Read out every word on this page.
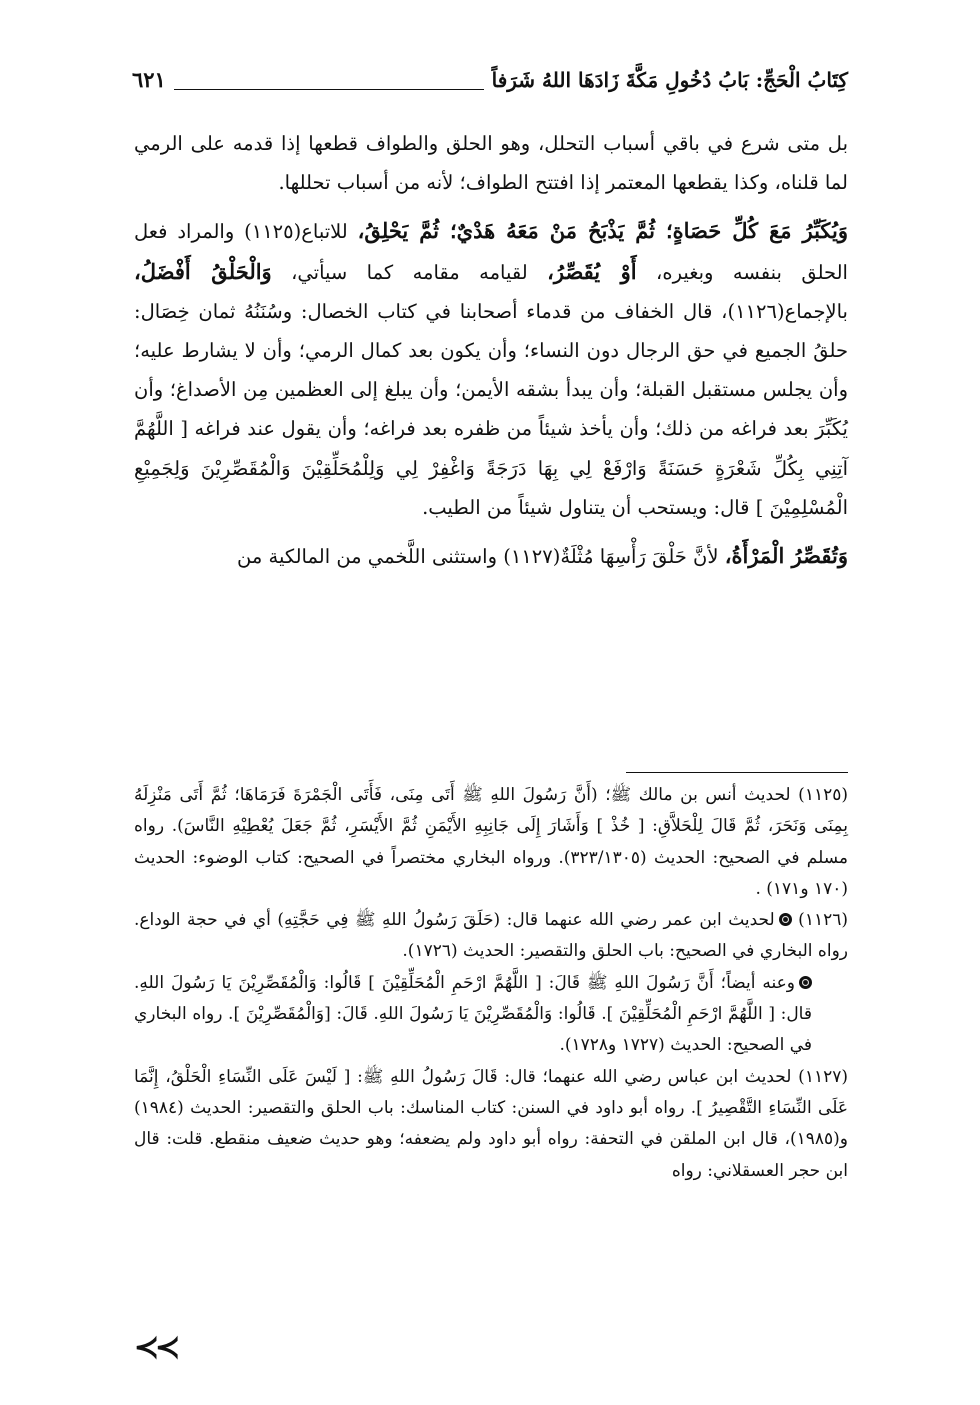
كِتَابُ الْحَجِّ: بَابُ دُخُولِ مَكَّةَ زَادَهَا اللهُ شَرَفاً
٦٢١

بل متى شرع في باقي أسباب التحلل، وهو الحلق والطواف قطعها إذا قدمه على الرمي لما قلناه، وكذا يقطعها المعتمر إذا افتتح الطواف؛ لأنه من أسباب تحللها.

وَيُكَبِّرُ مَعَ كُلِّ حَصَاةٍ؛ ثُمَّ يَذْبَحُ مَنْ مَعَهُ هَدْيٌ؛ ثُمَّ يَحْلِقُ، للاتباع(١١٢٥) والمراد فعل الحلق بنفسه وبغيره، أَوْ يُقَصِّرُ، لقيامه مقامه كما سيأتي، وَالْحَلْقُ أَفْضَلُ، بالإجماع(١١٢٦)، قال الخفاف من قدماء أصحابنا في كتاب الخصال: وسُنَنُهُ ثمان خِصَال: حلقُ الجميع في حق الرجال دون النساء؛ وأن يكون بعد كمال الرمي؛ وأن لا يشارط عليه؛ وأن يجلس مستقبل القبلة؛ وأن يبدأ بشقه الأيمن؛ وأن يبلغ إلى العظمين مِن الأصداغ؛ وأن يُكَبِّرَ بعد فراغه من ذلك؛ وأن يأخذ شيئاً من ظفره بعد فراغه؛ وأن يقول عند فراغه [ اللَّهُمَّ آتِنِي بِكُلِّ شَعْرَةٍ حَسَنَةً وَارْفَعْ لِي بِهَا دَرَجَةً وَاغْفِرْ لِي وَلِلْمُحَلِّقِيْنَ وَالْمُقَصِّرِيْنَ وَلِجَمِيْعِ الْمُسْلِمِيْنَ ] قال: ويستحب أن يتناول شيئاً من الطيب.

وَتُقَصِّرُ الْمَرْأَةُ، لأنَّ حَلْقَ رَأْسِهَا مُثْلَةٌ(١١٢٧) واستثنى اللَّخمي من المالكية من

(١١٢٥) لحديث أنس بن مالك ﷺ؛ (أَنَّ رَسُولَ اللهِ ﷺ أَتَى مِنَى، فَأَتَى الْجَمْرَةَ فَرَمَاهَا؛ ثُمَّ أَتَى مَنْزِلَهُ بِمِنَى وَنَحَرَ، ثُمَّ قَالَ لِلْحَلاَّقِ: [ خُذْ ] وَأَشَارَ إِلَى جَانِبِهِ الأَيْمَنِ ثُمَّ الأَيْسَرِ، ثُمَّ جَعَلَ يُعْطِيْهِ النَّاسَ). رواه مسلم في الصحيح: الحديث (٣٢٣/١٣٠٥). ورواه البخاري مختصراً في الصحيح: كتاب الوضوء: الحديث (١٧٠ و١٧١) .

(١١٢٦) لحديث ابن عمر رضي الله عنهما قال: (حَلَقَ رَسُولُ اللهِ ﷺ فِي حَجَّتِهِ) أي في حجة الوداع. رواه البخاري في الصحيح: باب الحلق والتقصير: الحديث (١٧٢٦).

وعنه أيضاً؛ أَنَّ رَسُولَ اللهِ ﷺ قَالَ: [ اللَّهُمَّ ارْحَمِ الْمُحَلِّقِيْنَ ] قَالُوا: وَالْمُقَصِّرِيْنَ يَا رَسُولَ اللهِ. قال: [ اللَّهُمَّ ارْحَمِ الْمُحَلِّقِيْنَ ]. قَالُوا: وَالْمُقَصِّرِيْنَ يَا رَسُولَ اللهِ. قَالَ: [وَالْمُقَصِّرِيْنَ ]. رواه البخاري في الصحيح: الحديث (١٧٢٧ و١٧٢٨).

(١١٢٧) لحديث ابن عباس رضي الله عنهما؛ قال: قَالَ رَسُولُ اللهِ ﷺ: [ لَيْسَ عَلَى النِّسَاءِ الْحَلْقُ، إِنَّمَا عَلَى النِّسَاءِ التَّقْصِيرُ ]. رواه أبو داود في السنن: كتاب المناسك: باب الحلق والتقصير: الحديث (١٩٨٤) و(١٩٨٥)، قال ابن الملقن في التحفة: رواه أبو داود ولم يضعفه؛ وهو حديث ضعيف منقطع. قلت: قال ابن حجر العسقلاني: رواه

≺≺
